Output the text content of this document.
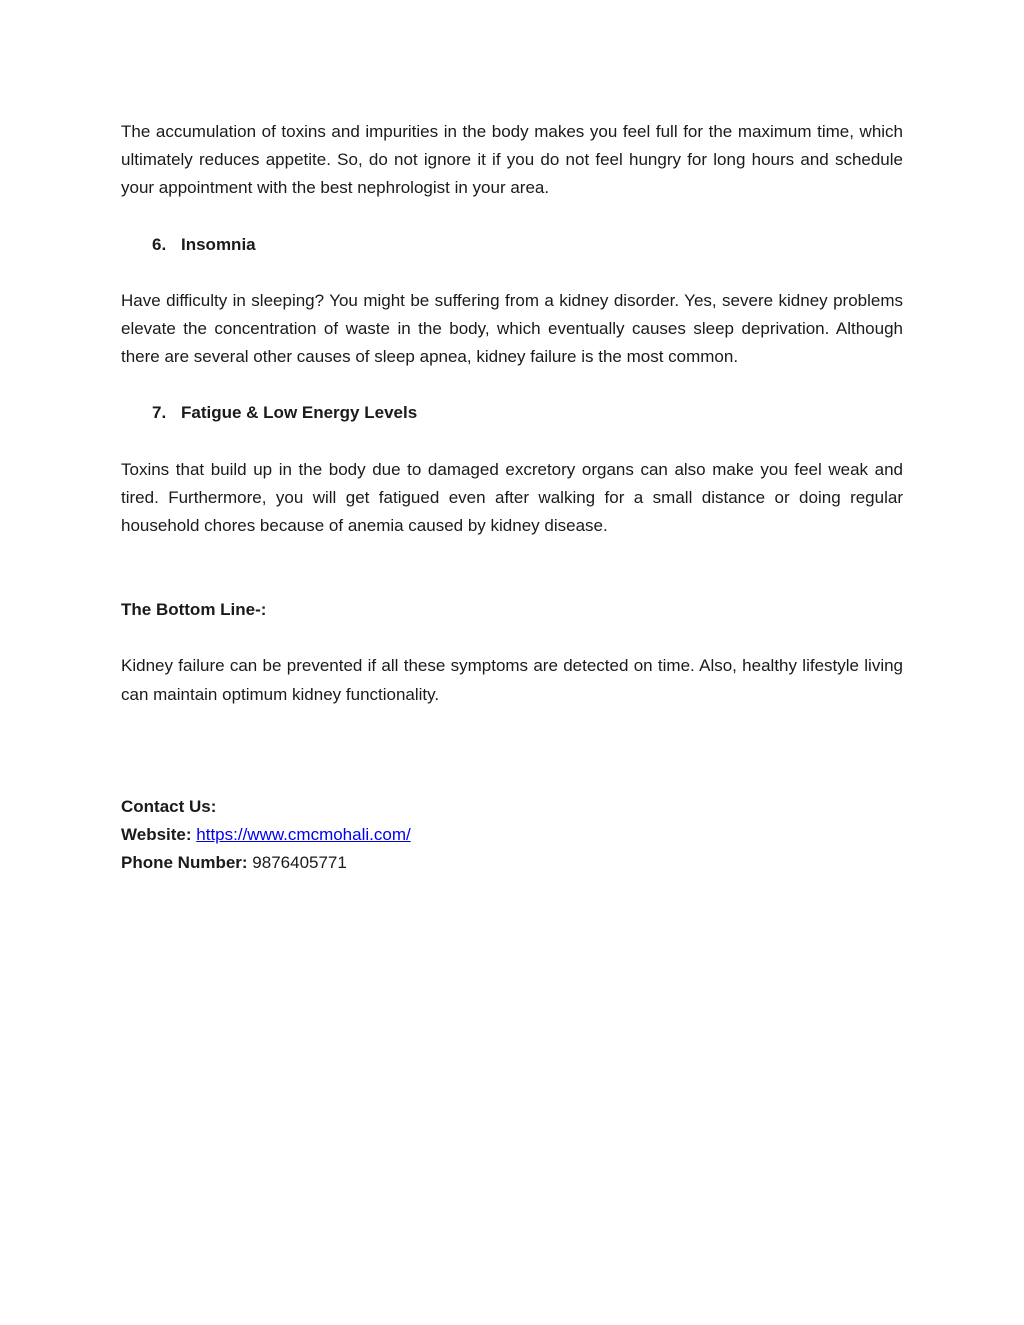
The accumulation of toxins and impurities in the body makes you feel full for the maximum time, which ultimately reduces appetite. So, do not ignore it if you do not feel hungry for long hours and schedule your appointment with the best nephrologist in your area.

6. Insomnia

Have difficulty in sleeping? You might be suffering from a kidney disorder. Yes, severe kidney problems elevate the concentration of waste in the body, which eventually causes sleep deprivation. Although there are several other causes of sleep apnea, kidney failure is the most common.

7. Fatigue & Low Energy Levels

Toxins that build up in the body due to damaged excretory organs can also make you feel weak and tired. Furthermore, you will get fatigued even after walking for a small distance or doing regular household chores because of anemia caused by kidney disease.

The Bottom Line-:

Kidney failure can be prevented if all these symptoms are detected on time. Also, healthy lifestyle living can maintain optimum kidney functionality.

Contact Us:

Website: https://www.cmcmohali.com/

Phone Number: 9876405771
